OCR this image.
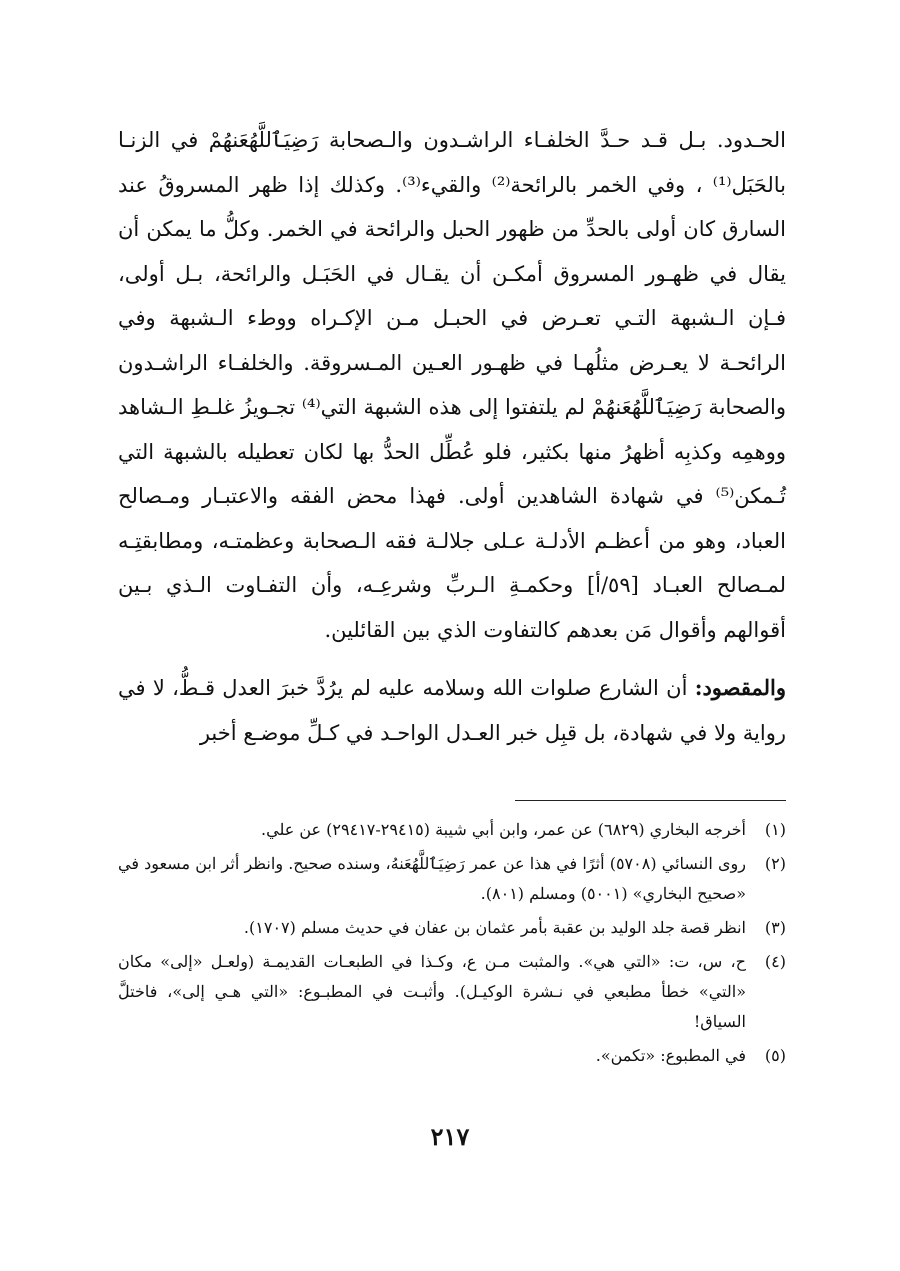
الحـدود. بـل قـد حـدَّ الخلفـاء الراشـدون والـصحابة رَضِيَٱللَّهُعَنهُمْ في الزنـا بالحَبَل⁽¹⁾ ، وفي الخمر بالرائحة⁽²⁾ والقيء⁽³⁾. وكذلك إذا ظهر المسروقُ عند السارق كان أولى بالحدِّ من ظهور الحبل والرائحة في الخمر. وكلُّ ما يمكن أن يقال في ظهـور المسروق أمكـن أن يقـال في الحَبَـل والرائحة، بـل أولى، فـإن الـشبهة التـي تعـرض في الحبـل مـن الإكـراه ووطء الـشبهة وفي الرائحـة لا يعـرض مثلُهـا في ظهـور العـين المـسروقة. والخلفـاء الراشـدون والصحابة رَضِيَٱللَّهُعَنهُمْ لم يلتفتوا إلى هذه الشبهة التي⁽⁴⁾ تجـويزُ غلـطِ الـشاهد ووهمِه وكذبِه أظهرُ منها بكثير، فلو عُطِّل الحدُّ بها لكان تعطيله بالشبهة التي تُـمكن⁽⁵⁾ في شهادة الشاهدين أولى. فهذا محض الفقه والاعتبـار ومـصالح العباد، وهو من أعظـم الأدلـة عـلى جلالـة فقه الـصحابة وعظمتـه، ومطابقتِـه لمـصالح العبـاد [٥٩/أ] وحكمـةِ الـربِّ وشرعِـه، وأن التفـاوت الـذي بـين أقوالهم وأقوال مَن بعدهم كالتفاوت الذي بين القائلين.

والمقصود: أن الشارع صلوات الله وسلامه عليه لم يرُدَّ خبرَ العدل قـطُّ، لا في رواية ولا في شهادة، بل قبِل خبر العـدل الواحـد في كـلِّ موضـع أخبر

(١)
أخرجه البخاري (٦٨٢٩) عن عمر، وابن أبي شيبة (٢٩٤١٥-٢٩٤١٧) عن علي.
(٢)
روى النسائي (٥٧٠٨) أثرًا في هذا عن عمر رَضِيَٱللَّهُعَنهُ، وسنده صحيح. وانظر أثر ابن مسعود في «صحيح البخاري» (٥٠٠١) ومسلم (٨٠١).
(٣)
انظر قصة جلد الوليد بن عقبة بأمر عثمان بن عفان في حديث مسلم (١٧٠٧).
(٤)
ح، س، ت: «التي هي». والمثبت مـن ع، وكـذا في الطبعـات القديمـة (ولعـل «إلى» مكان «التي» خطأ مطبعي في نـشرة الوكيـل). وأثبـت في المطبـوع: «التي هـي إلى»، فاختلَّ السياق!
(٥)
في المطبوع: «تكمن».
٢١٧
